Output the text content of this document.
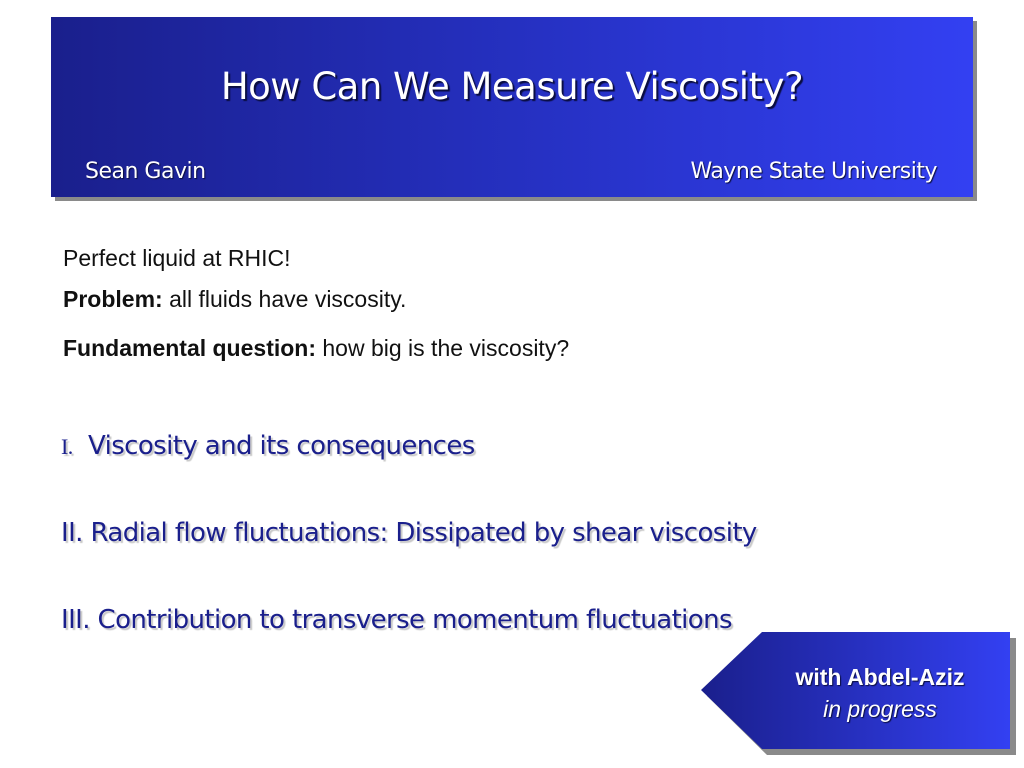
How Can We Measure Viscosity?
Sean Gavin	Wayne State University
Perfect liquid at RHIC!
Problem: all fluids have viscosity.
Fundamental question: how big is the viscosity?
I.  Viscosity and its consequences
II. Radial flow fluctuations: Dissipated by shear viscosity
III. Contribution to transverse momentum fluctuations
with Abdel-Aziz
in progress
